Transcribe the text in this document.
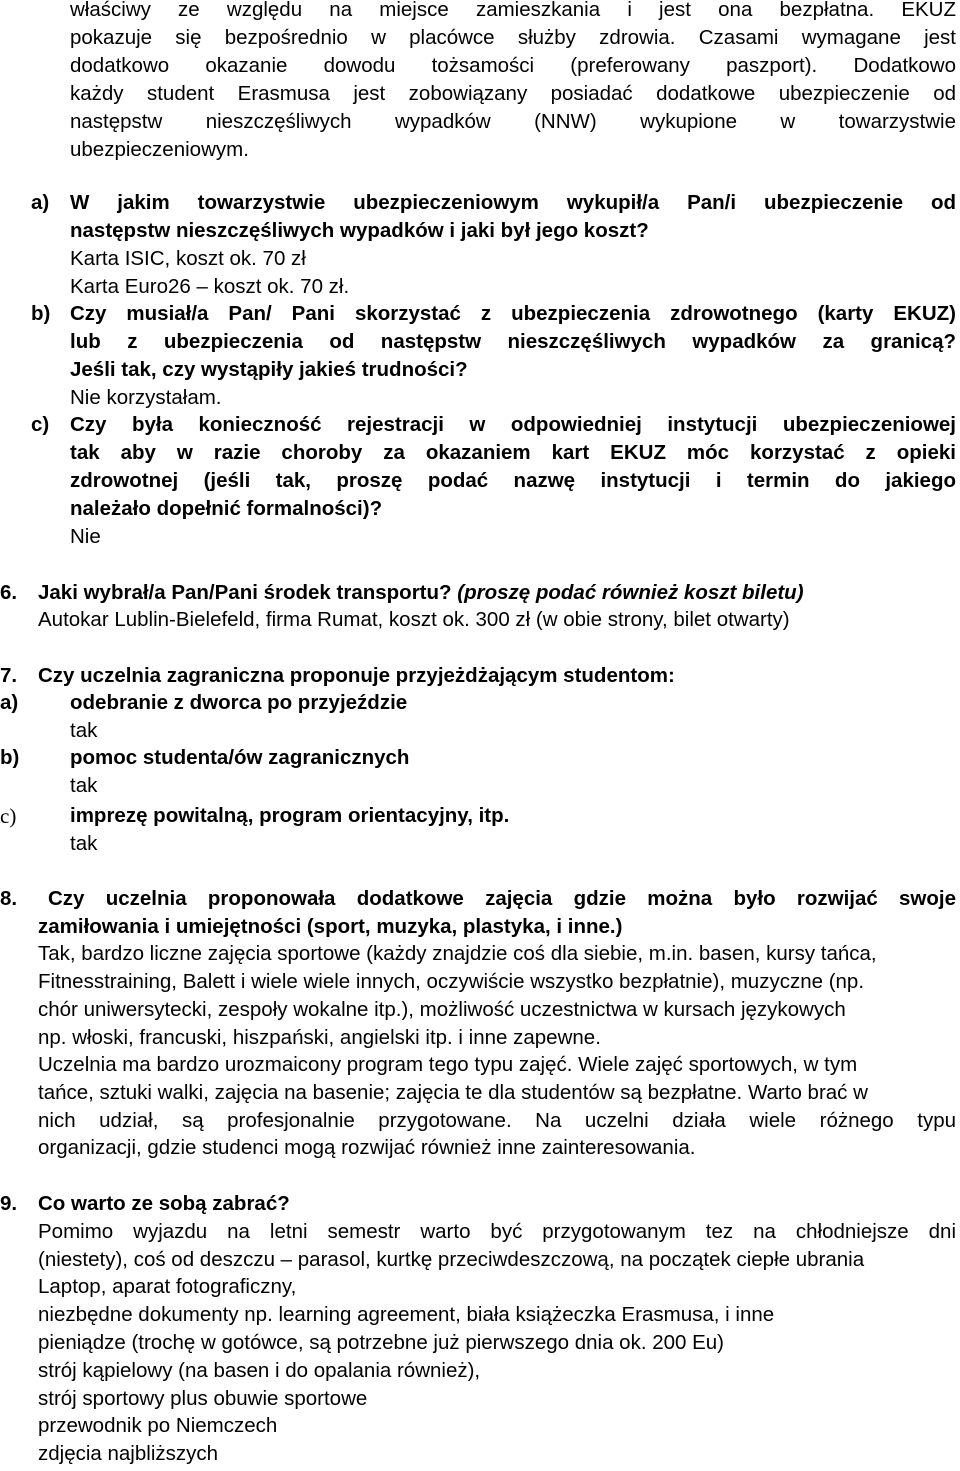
właściwy ze względu na miejsce zamieszkania i jest ona bezpłatna. EKUZ
pokazuje się bezpośrednio w placówce służby zdrowia. Czasami wymagane jest
dodatkowo okazanie dowodu tożsamości (preferowany paszport). Dodatkowo
każdy student Erasmusa jest zobowiązany posiadać dodatkowe ubezpieczenie od
następstw nieszczęśliwych wypadków (NNW) wykupione w towarzystwie
ubezpieczeniowym.
a) W jakim towarzystwie ubezpieczeniowym wykupił/a Pan/i ubezpieczenie od
następstw nieszczęśliwych wypadków i jaki był jego koszt?
Karta ISIC, koszt ok. 70 zł
Karta Euro26 – koszt ok. 70 zł.
b) Czy musiał/a Pan/ Pani skorzystać z ubezpieczenia zdrowotnego (karty EKUZ)
lub z ubezpieczenia od następstw nieszczęśliwych wypadków za granicą?
Jeśli tak, czy wystąpiły jakieś trudności?
Nie korzystałam.
c) Czy była konieczność rejestracji w odpowiedniej instytucji ubezpieczeniowej
tak aby w razie choroby za okazaniem kart EKUZ móc korzystać z opieki
zdrowotnej (jeśli tak, proszę podać nazwę instytucji i termin do jakiego
należało dopełnić formalności)?
Nie
6. Jaki wybrał/a Pan/Pani środek transportu? (proszę podać również koszt biletu)
Autokar Lublin-Bielefeld, firma Rumat, koszt ok. 300 zł (w obie strony, bilet otwarty)
7. Czy uczelnia zagraniczna proponuje przyjeżdżającym studentom:
a)	odebranie z dworca po przyjeździe
tak
b) pomoc studenta/ów zagranicznych
tak
c)	imprezę powitalną, program orientacyjny, itp.
tak
8. Czy uczelnia proponowała dodatkowe zajęcia gdzie można było rozwijać swoje
zamiłowania i umiejętności (sport, muzyka, plastyka, i inne.)
Tak, bardzo liczne zajęcia sportowe (każdy znajdzie coś dla siebie, m.in. basen, kursy tańca,
Fitnesstraining, Balett i wiele wiele innych, oczywiście wszystko bezpłatnie), muzyczne (np.
chór uniwersytecki, zespoły wokalne itp.), możliwość uczestnictwa w kursach językowych
np. włoski, francuski, hiszpański, angielski itp. i inne zapewne.
Uczelnia ma bardzo urozmaicony program tego typu zajęć. Wiele zajęć sportowych, w tym
tańce, sztuki walki, zajęcia na basenie; zajęcia te dla studentów są bezpłatne. Warto brać w
nich udział, są profesjonalnie przygotowane. Na uczelni działa wiele różnego typu
organizacji, gdzie studenci mogą rozwijać również inne zainteresowania.
9. Co warto ze sobą zabrać?
Pomimo wyjazdu na letni semestr warto być przygotowanym tez na chłodniejsze dni
(niestety), coś od deszczu – parasol, kurtkę przeciwdeszczową, na początek ciepłe ubrania
Laptop, aparat fotograficzny,
niezbędne dokumenty np. learning agreement, biała książeczka Erasmusa, i inne
pieniądze (trochę w gotówce, są potrzebne już pierwszego dnia ok. 200 Eu)
strój kąpielowy (na basen i do opalania również),
strój sportowy plus obuwie sportowe
przewodnik po Niemczech
zdjęcia najbliższych
